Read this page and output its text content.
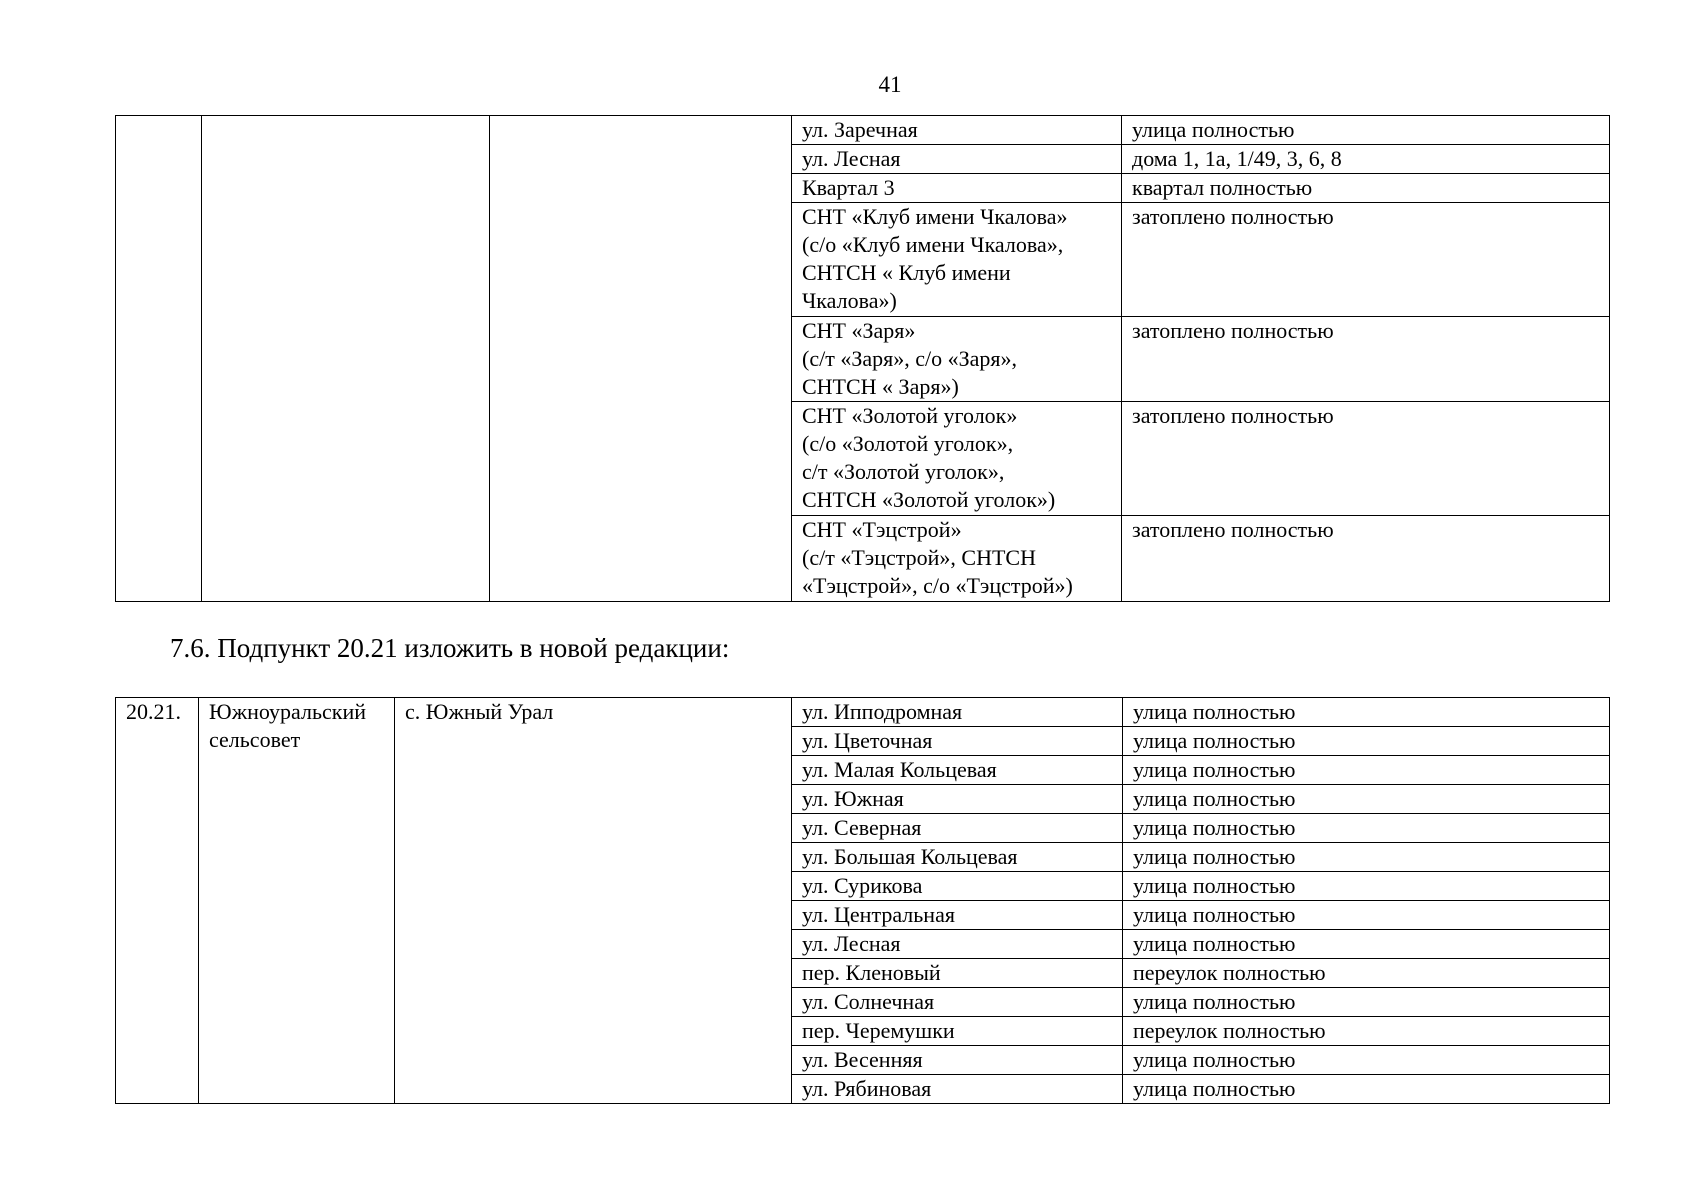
41
			ул. Заречная	улица полностью
			ул. Лесная	дома 1, 1а, 1/49, 3, 6, 8
			Квартал 3	квартал полностью
			СНТ «Клуб имени Чкалова»
(с/о «Клуб имени Чкалова»,
СНТСН « Клуб имени
Чкалова»)	затоплено полностью
			СНТ «Заря»
(с/т «Заря», с/о «Заря»,
СНТСН « Заря»)	затоплено полностью
			СНТ «Золотой уголок»
(с/о «Золотой уголок»,
с/т «Золотой уголок»,
СНТСН «Золотой уголок»)	затоплено полностью
			СНТ «Тэцстрой»
(с/т «Тэцстрой», СНТСН
«Тэцстрой», с/о «Тэцстрой»)	затоплено полностью
7.6. Подпункт 20.21 изложить в новой редакции:
20.21.	Южноуральский
сельсовет	с. Южный Урал	ул. Ипподромная	улица полностью
			ул. Цветочная	улица полностью
			ул. Малая Кольцевая	улица полностью
			ул. Южная	улица полностью
			ул. Северная	улица полностью
			ул. Большая Кольцевая	улица полностью
			ул. Сурикова	улица полностью
			ул. Центральная	улица полностью
			ул. Лесная	улица полностью
			пер. Кленовый	переулок полностью
			ул. Солнечная	улица полностью
			пер. Черемушки	переулок полностью
			ул. Весенняя	улица полностью
			ул. Рябиновая	улица полностью
